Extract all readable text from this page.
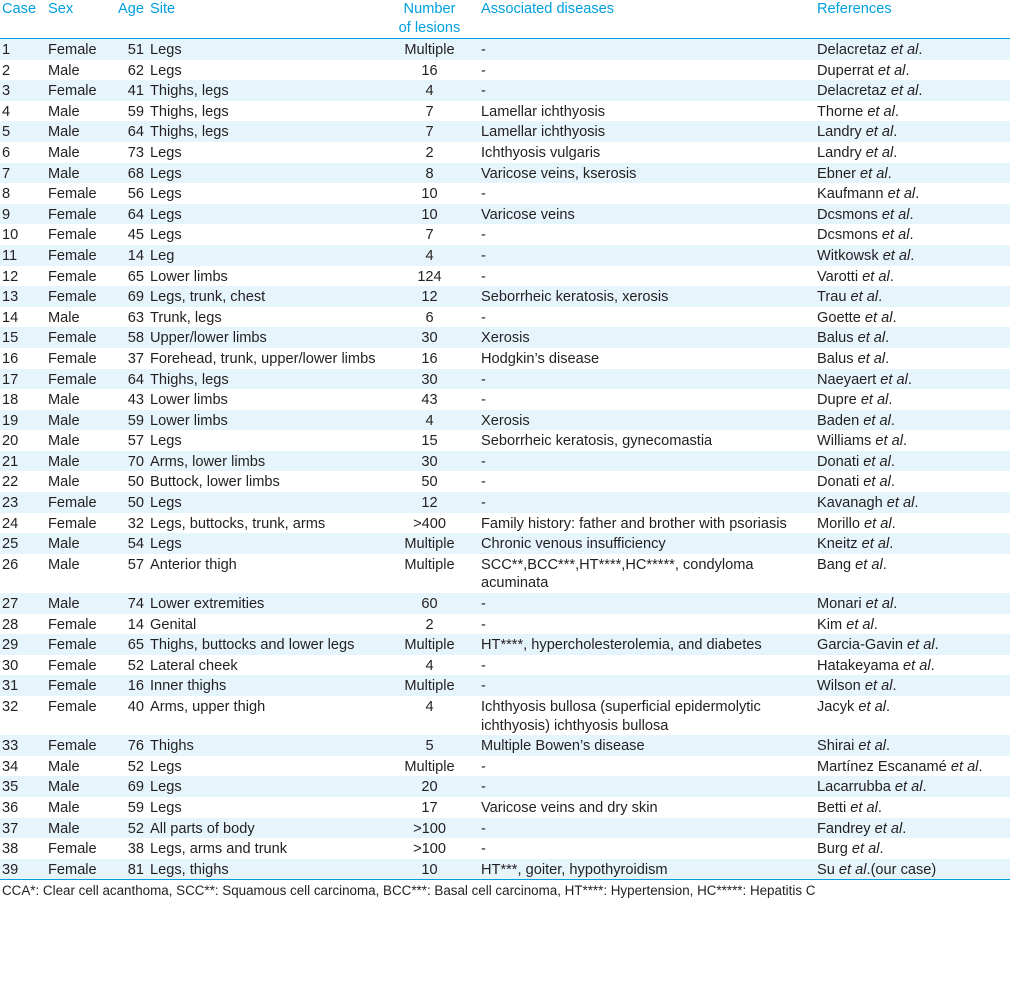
Case	Sex	Age	Site	Number
of lesions	Associated diseases	References
1	Female	51	Legs	Multiple	-	Delacretaz et al.
2	Male	62	Legs	16	-	Duperrat et al.
3	Female	41	Thighs, legs	4	-	Delacretaz et al.
4	Male	59	Thighs, legs	7	Lamellar ichthyosis	Thorne et al.
5	Male	64	Thighs, legs	7	Lamellar ichthyosis	Landry et al.
6	Male	73	Legs	2	Ichthyosis vulgaris	Landry et al.
7	Male	68	Legs	8	Varicose veins, kserosis	Ebner et al.
8	Female	56	Legs	10	-	Kaufmann et al.
9	Female	64	Legs	10	Varicose veins	Dcsmons et al.
10	Female	45	Legs	7	-	Dcsmons et al.
11	Female	14	Leg	4	-	Witkowsk et al.
12	Female	65	Lower limbs	124	-	Varotti et al.
13	Female	69	Legs, trunk, chest	12	Seborrheic keratosis, xerosis	Trau et al.
14	Male	63	Trunk, legs	6	-	Goette et al.
15	Female	58	Upper/lower limbs	30	Xerosis	Balus et al.
16	Female	37	Forehead, trunk, upper/lower limbs	16	Hodgkin’s disease	Balus et al.
17	Female	64	Thighs, legs	30	-	Naeyaert et al.
18	Male	43	Lower limbs	43	-	Dupre et al.
19	Male	59	Lower limbs	4	Xerosis	Baden et al.
20	Male	57	Legs	15	Seborrheic keratosis, gynecomastia	Williams et al.
21	Male	70	Arms, lower limbs	30	-	Donati et al.
22	Male	50	Buttock, lower limbs	50	-	Donati et al.
23	Female	50	Legs	12	-	Kavanagh et al.
24	Female	32	Legs, buttocks, trunk, arms	>400	Family history: father and brother with psoriasis	Morillo et al.
25	Male	54	Legs	Multiple	Chronic venous insufficiency	Kneitz et al.
26	Male	57	Anterior thigh	Multiple	SCC**,BCC***,HT****,HC*****, condyloma acuminata	Bang et al.
27	Male	74	Lower extremities	60	-	Monari et al.
28	Female	14	Genital	2	-	Kim et al.
29	Female	65	Thighs, buttocks and lower legs	Multiple	HT****, hypercholesterolemia, and diabetes	Garcia-Gavin et al.
30	Female	52	Lateral cheek	4	-	Hatakeyama et al.
31	Female	16	Inner thighs	Multiple	-	Wilson et al.
32	Female	40	Arms, upper thigh	4	Ichthyosis bullosa (superficial epidermolytic ichthyosis) ichthyosis bullosa	Jacyk et al.
33	Female	76	Thighs	5	Multiple Bowen’s disease	Shirai et al.
34	Male	52	Legs	Multiple	-	Martínez Escanamé et al.
35	Male	69	Legs	20	-	Lacarrubba et al.
36	Male	59	Legs	17	Varicose veins and dry skin	Betti et al.
37	Male	52	All parts of body	>100	-	Fandrey et al.
38	Female	38	Legs, arms and trunk	>100	-	Burg et al.
39	Female	81	Legs, thighs	10	HT***, goiter, hypothyroidism	Su et al.(our case)
CCA*: Clear cell acanthoma, SCC**: Squamous cell carcinoma, BCC***: Basal cell carcinoma, HT****: Hypertension, HC*****: Hepatitis C
